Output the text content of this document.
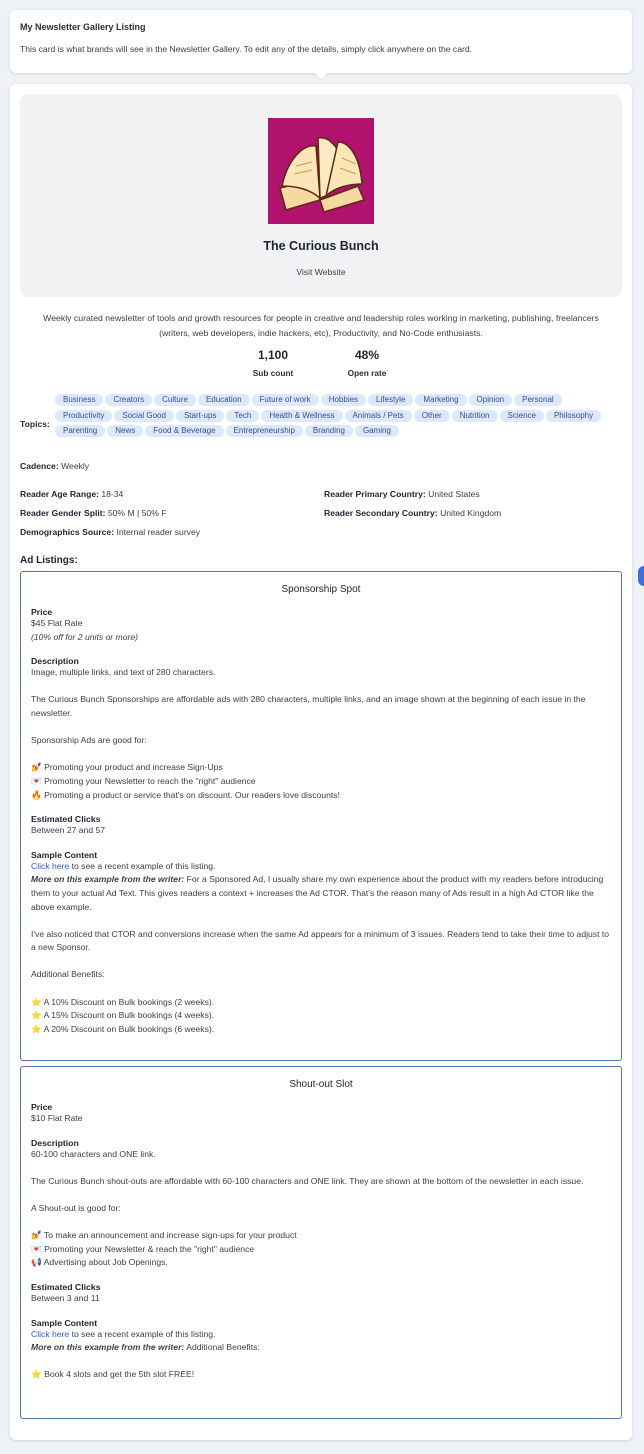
My Newsletter Gallery Listing
This card is what brands will see in the Newsletter Gallery. To edit any of the details, simply click anywhere on the card.
The Curious Bunch
Visit Website
Weekly curated newsletter of tools and growth resources for people in creative and leadership roles working in marketing, publishing, freelancers (writers, web developers, indie hackers, etc), Productivity, and No-Code enthusiasts.
1,100
Sub count
48%
Open rate
Topics:
Business Creators Culture Education Future of work Hobbies Lifestyle Marketing Opinion PersonalProductivity Social Good Start-ups Tech Health & Wellness Animals / Pets Other Nutrition Science PhilosophyParenting News Food & Beverage Entrepreneurship Branding Gaming
Cadence: Weekly
Reader Age Range: 18-34	Reader Primary Country: United States
Reader Gender Split: 50% M | 50% F	Reader Secondary Country: United Kingdom
Demographics Source: Internal reader survey
Ad Listings:
Sponsorship Spot
Price

$45 Flat Rate

(10% off for 2 units or more)

Description

Image, multiple links, and text of 280 characters.

The Curious Bunch Sponsorships are affordable ads with 280 characters, multiple links, and an image shown at the beginning of each issue in the newsletter.

Sponsorship Ads are good for:

💅 Promoting your product and increase Sign-Ups

💌 Promoting your Newsletter to reach the "right" audience

🔥 Promoting a product or service that's on discount. Our readers love discounts!

Estimated Clicks

Between 27 and 57

Sample Content

Click here to see a recent example of this listing.

More on this example from the writer: For a Sponsored Ad, I usually share my own experience about the product with my readers before introducing them to your actual Ad Text. This gives readers a context + increases the Ad CTOR. That's the reason many of Ads result in a high Ad CTOR like the above example.

I've also noticed that CTOR and conversions increase when the same Ad appears for a minimum of 3 issues. Readers tend to take their time to adjust to a new Sponsor.

Additional Benefits:

⭐ A 10% Discount on Bulk bookings (2 weeks).

⭐ A 15% Discount on Bulk bookings (4 weeks).

⭐ A 20% Discount on Bulk bookings (6 weeks).

Shout-out Slot
Price

$10 Flat Rate

Description

60-100 characters and ONE link.

The Curious Bunch shout-outs are affordable with 60-100 characters and ONE link. They are shown at the bottom of the newsletter in each issue.

A Shout-out is good for:

💅 To make an announcement and increase sign-ups for your product

💌 Promoting your Newsletter & reach the "right" audience

📢 Advertising about Job Openings.

Estimated Clicks

Between 3 and 11

Sample Content

Click here to see a recent example of this listing.

More on this example from the writer: Additional Benefits:

⭐ Book 4 slots and get the 5th slot FREE!
